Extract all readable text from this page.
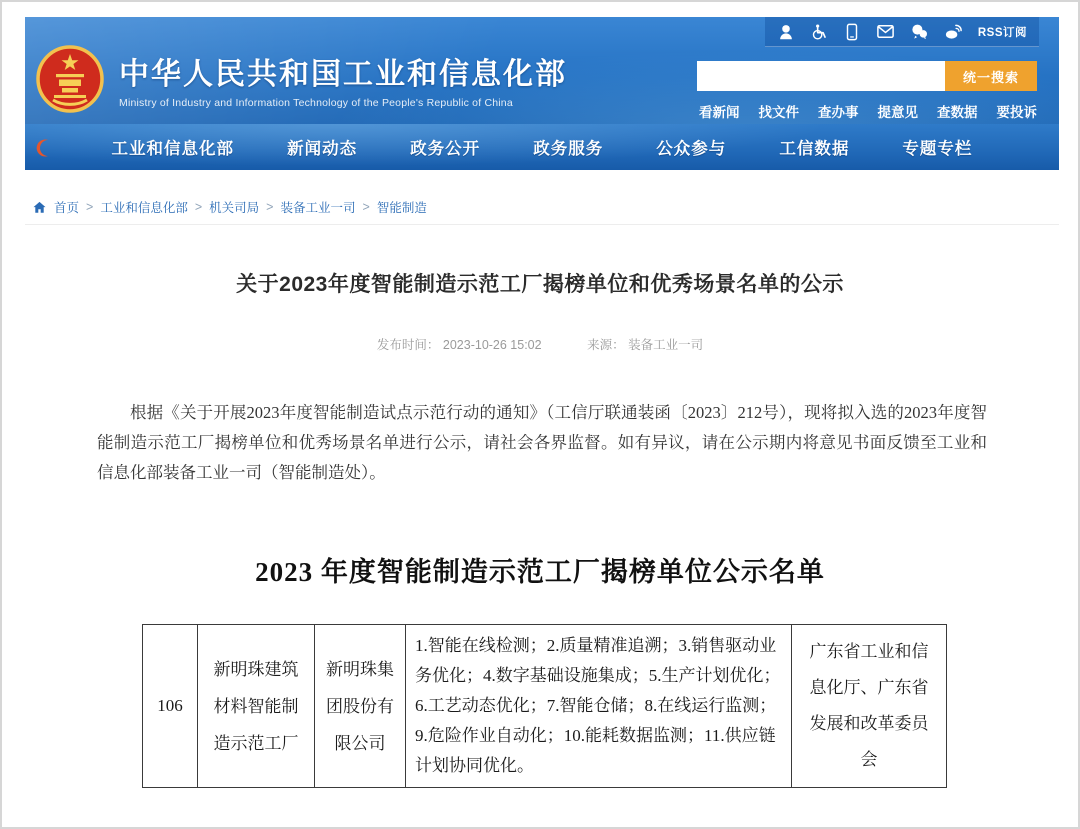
RSS订阅
中华人民共和国工业和信息化部
Ministry of Industry and Information Technology of the People's Republic of China
统一搜索
看新闻 找文件 查办事 提意见 查数据 要投诉
工业和信息化部	新闻动态	政务公开	政务服务	公众参与	工信数据	专题专栏
首页 > 工业和信息化部 > 机关司局 > 装备工业一司 > 智能制造
关于2023年度智能制造示范工厂揭榜单位和优秀场景名单的公示
发布时间： 2023-10-26 15:02	来源： 装备工业一司

根据《关于开展2023年度智能制造试点示范行动的通知》（工信厅联通装函〔2023〕212号），现将拟入选的2023年度智能制造示范工厂揭榜单位和优秀场景名单进行公示，请社会各界监督。如有异议，请在公示期内将意见书面反馈至工业和信息化部装备工业一司（智能制造处）。

2023 年度智能制造示范工厂揭榜单位公示名单
106	新明珠建筑材料智能制造示范工厂	新明珠集团股份有限公司	1.智能在线检测；2.质量精准追溯；3.销售驱动业务优化；4.数字基础设施集成；5.生产计划优化；6.工艺动态优化；7.智能仓储；8.在线运行监测；9.危险作业自动化；10.能耗数据监测；11.供应链计划协同优化。	广东省工业和信息化厅、广东省发展和改革委员会
